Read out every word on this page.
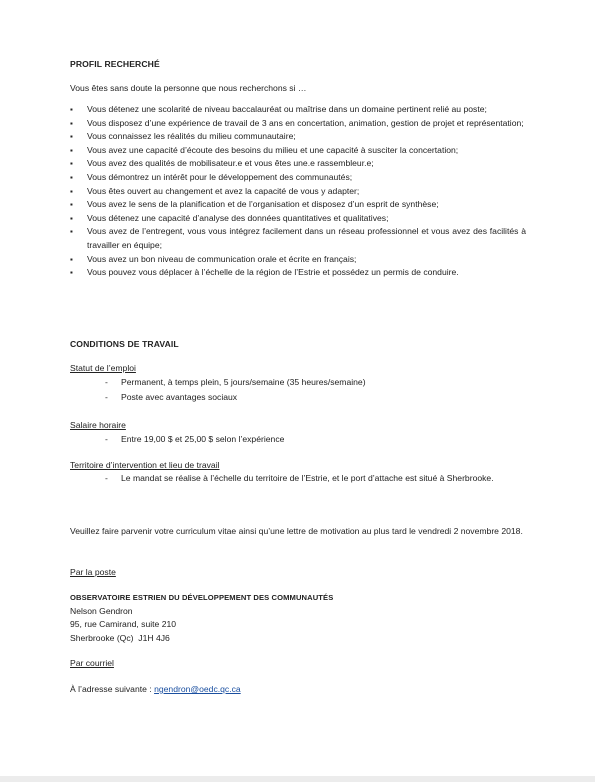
PROFIL RECHERCHÉ
Vous êtes sans doute la personne que nous recherchons si …
▪ Vous détenez une scolarité de niveau baccalauréat ou maîtrise dans un domaine pertinent relié au poste;
▪ Vous disposez d’une expérience de travail de 3 ans en concertation, animation, gestion de projet et représentation;
▪ Vous connaissez les réalités du milieu communautaire;
▪ Vous avez une capacité d’écoute des besoins du milieu et une capacité à susciter la concertation;
▪ Vous avez des qualités de mobilisateur.e et vous êtes une.e rassembleur.e;
▪ Vous démontrez un intérêt pour le développement des communautés;
▪ Vous êtes ouvert au changement et avez la capacité de vous y adapter;
▪ Vous avez le sens de la planification et de l’organisation et disposez d’un esprit de synthèse;
▪ Vous détenez une capacité d’analyse des données quantitatives et qualitatives;
▪ Vous avez de l’entregent, vous vous intégrez facilement dans un réseau professionnel et vous avez des facilités à travailler en équipe;
▪ Vous avez un bon niveau de communication orale et écrite en français;
▪ Vous pouvez vous déplacer à l’échelle de la région de l’Estrie et possédez un permis de conduire.
CONDITIONS DE TRAVAIL
Statut de l’emploi
- Permanent, à temps plein, 5 jours/semaine (35 heures/semaine)
- Poste avec avantages sociaux
Salaire horaire
- Entre 19,00 $ et 25,00 $ selon l’expérience
Territoire d’intervention et lieu de travail
- Le mandat se réalise à l’échelle du territoire de l’Estrie, et le port d’attache est situé à Sherbrooke.
Veuillez faire parvenir votre curriculum vitae ainsi qu’une lettre de motivation au plus tard le vendredi 2 novembre 2018.
Par la poste
OBSERVATOIRE ESTRIEN DU DÉVELOPPEMENT DES COMMUNAUTÉS
Nelson Gendron
95, rue Camirand, suite 210
Sherbrooke (Qc)  J1H 4J6
Par courriel
À l’adresse suivante : ngendron@oedc.qc.ca
